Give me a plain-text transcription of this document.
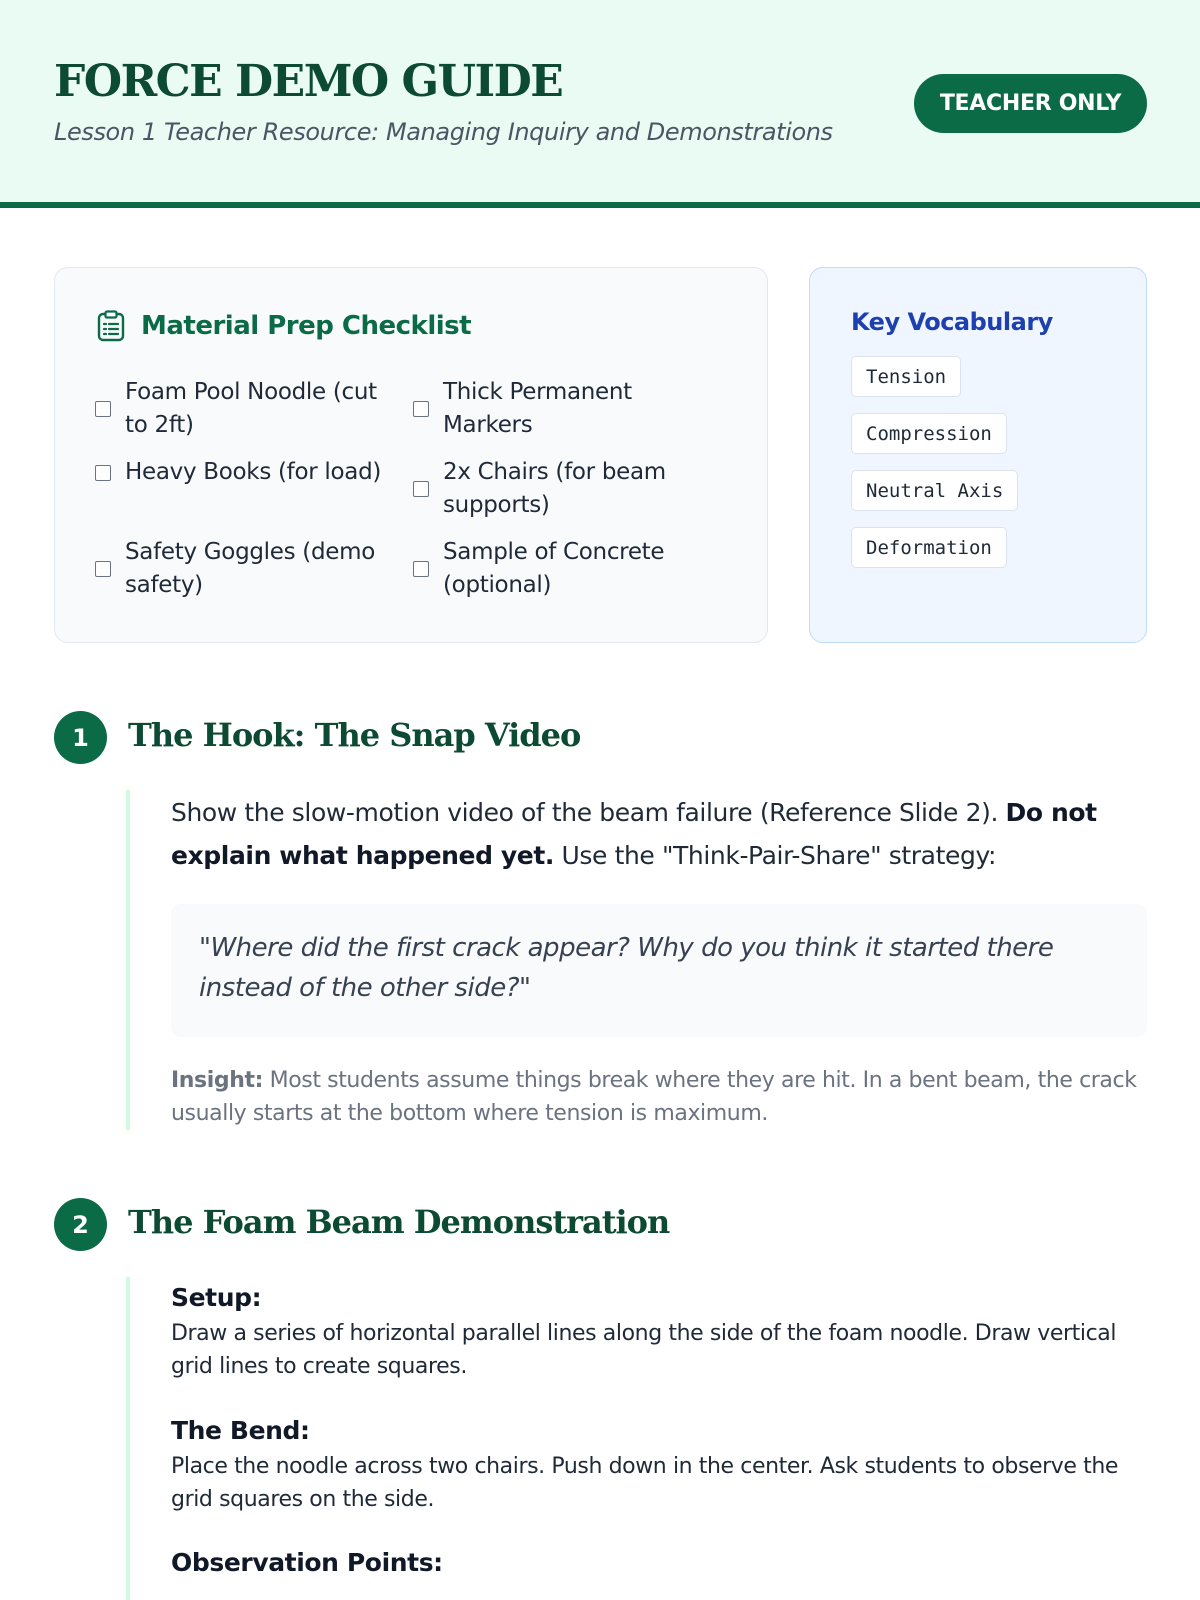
FORCE DEMO GUIDE

Lesson 1 Teacher Resource: Managing Inquiry and Demonstrations

TEACHER ONLY
Material Prep Checklist
Foam Pool Noodle (cut to 2ft)
Thick Permanent Markers
Heavy Books (for load)	2x Chairs (for beam supports)
Safety Goggles (demo safety)
Sample of Concrete (optional)
Key Vocabulary
Tension
Compression
Neutral Axis
Deformation
1	The Hook: The Snap Video

Show the slow-motion video of the beam failure (Reference Slide 2). Do not explain what happened yet. Use the "Think-Pair-Share" strategy:

"Where did the first crack appear? Why do you think it started there instead of the other side?"

Insight: Most students assume things break where they are hit. In a bent beam, the crack usually starts at the bottom where tension is maximum.

2	The Foam Beam Demonstration
Setup:

Draw a series of horizontal parallel lines along the side of the foam noodle. Draw vertical grid lines to create squares.

The Bend:

Place the noodle across two chairs. Push down in the center. Ask students to observe the grid squares on the side.

Observation Points:
